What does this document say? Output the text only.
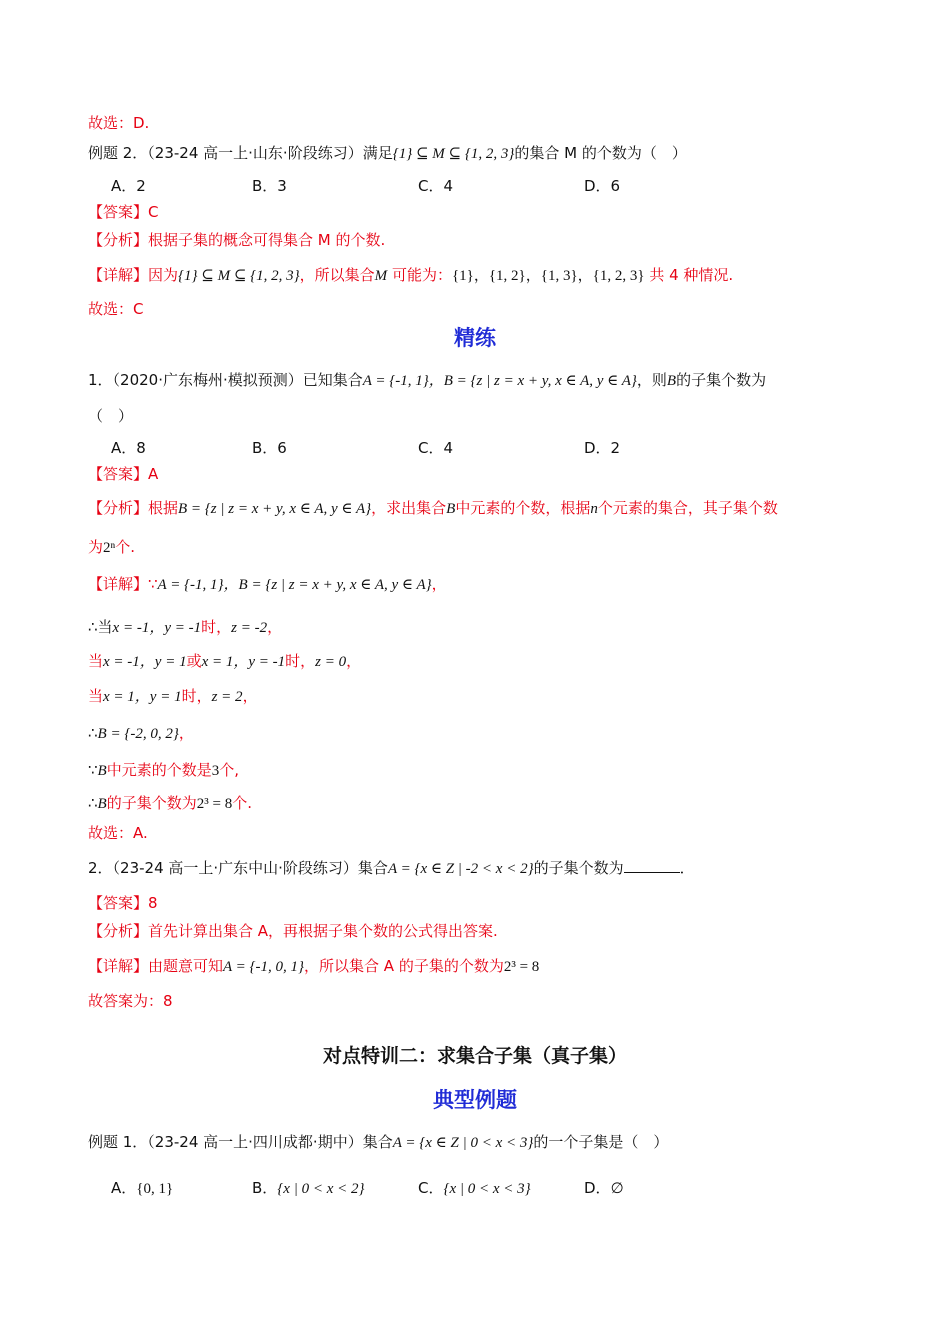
故选：D.
例题 2．（23-24 高一上·山东·阶段练习）满足{1} ⊆ M ⊆ {1, 2, 3}的集合 M 的个数为（　）
A．2	B．3	C．4	D．6
【答案】C
【分析】根据子集的概念可得集合 M 的个数.
【详解】因为{1} ⊆ M ⊆ {1, 2, 3}，所以集合M 可能为：{1}，{1, 2}，{1, 3}，{1, 2, 3} 共 4 种情况.
故选：C
精练
1．（2020·广东梅州·模拟预测）已知集合A = {-1, 1}，B = {z | z = x + y, x ∈ A, y ∈ A}，则B的子集个数为
（　）
A．8	B．6	C．4	D．2
【答案】A
【分析】根据B = {z | z = x + y, x ∈ A, y ∈ A}，求出集合B中元素的个数，根据n个元素的集合，其子集个数
为2ⁿ个.
【详解】∵A = {-1, 1}，B = {z | z = x + y, x ∈ A, y ∈ A}，
∴当x = -1，y = -1时，z = -2，
当x = -1，y = 1或x = 1，y = -1时，z = 0，
当x = 1，y = 1时，z = 2，
∴B = {-2, 0, 2}，
∵B中元素的个数是3个,
∴B的子集个数为2³ = 8个.
故选：A.
2．（23-24 高一上·广东中山·阶段练习）集合A = {x ∈ Z | -2 < x < 2}的子集个数为	．
【答案】8
【分析】首先计算出集合 A，再根据子集个数的公式得出答案.
【详解】由题意可知A = {-1, 0, 1}，所以集合 A 的子集的个数为2³ = 8
故答案为：8
对点特训二：求集合子集（真子集）
典型例题
例题 1．（23-24 高一上·四川成都·期中）集合A = {x ∈ Z | 0 < x < 3}的一个子集是（　）
A．{0, 1}	B．{x | 0 < x < 2}	C．{x | 0 < x < 3}	D．∅
